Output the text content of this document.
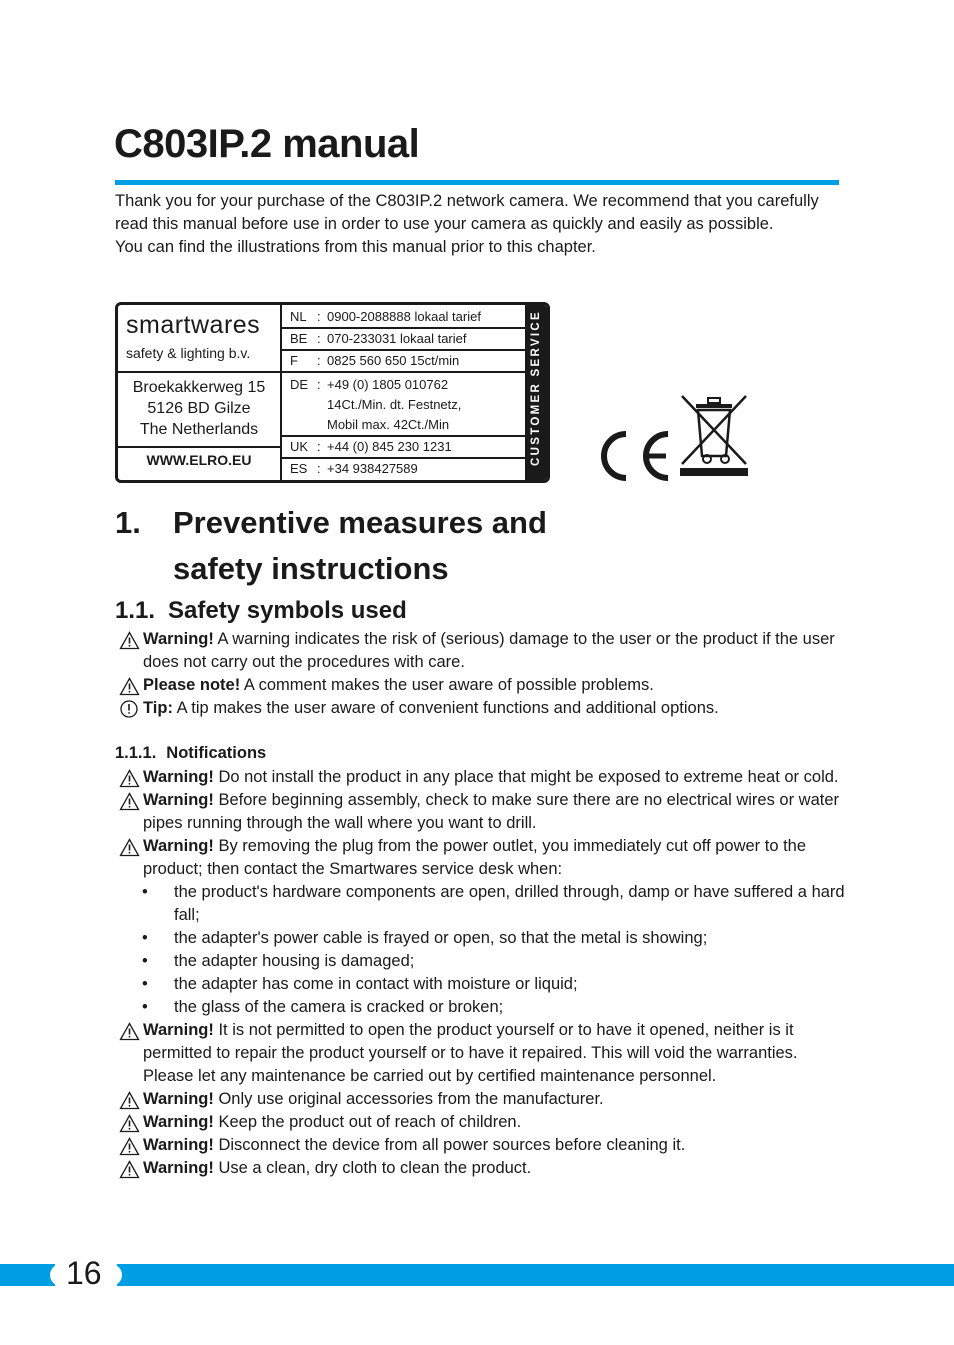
C803IP.2 manual

Thank you for your purchase of the C803IP.2 network camera. We recommend that you carefully read this manual before use in order to use your camera as quickly and easily as possible.

You can find the illustrations from this manual prior to this chapter.

smartwares
safety & lighting b.v.
Broekakkerweg 15
5126 BD Gilze
The Netherlands
WWW.ELRO.EU
NL : 0900-2088888 lokaal tarief
BE : 070-233031 lokaal tarief
F : 0825 560 650 15ct/min
DE : +49 (0) 1805 010762
14Ct./Min. dt. Festnetz,
Mobil max. 42Ct./Min
UK : +44 (0) 845 230 1231
ES : +34 938427589
CUSTOMER SERVICE
1. Preventive measures and safety instructions
1.1. Safety symbols used
Warning! A warning indicates the risk of (serious) damage to the user or the product if the user does not carry out the procedures with care.
Please note! A comment makes the user aware of possible problems.
Tip: A tip makes the user aware of convenient functions and additional options.
1.1.1. Notifications
Warning! Do not install the product in any place that might be exposed to extreme heat or cold.
Warning! Before beginning assembly, check to make sure there are no electrical wires or water pipes running through the wall where you want to drill.
Warning! By removing the plug from the power outlet, you immediately cut off power to the product; then contact the Smartwares service desk when:
• the product's hardware components are open, drilled through, damp or have suffered a hard fall;
• the adapter's power cable is frayed or open, so that the metal is showing;
• the adapter housing is damaged;
• the adapter has come in contact with moisture or liquid;
• the glass of the camera is cracked or broken;
Warning! It is not permitted to open the product yourself or to have it opened, neither is it permitted to repair the product yourself or to have it repaired. This will void the warranties. Please let any maintenance be carried out by certified maintenance personnel.
Warning! Only use original accessories from the manufacturer.
Warning! Keep the product out of reach of children.
Warning! Disconnect the device from all power sources before cleaning it.
Warning! Use a clean, dry cloth to clean the product.
16
